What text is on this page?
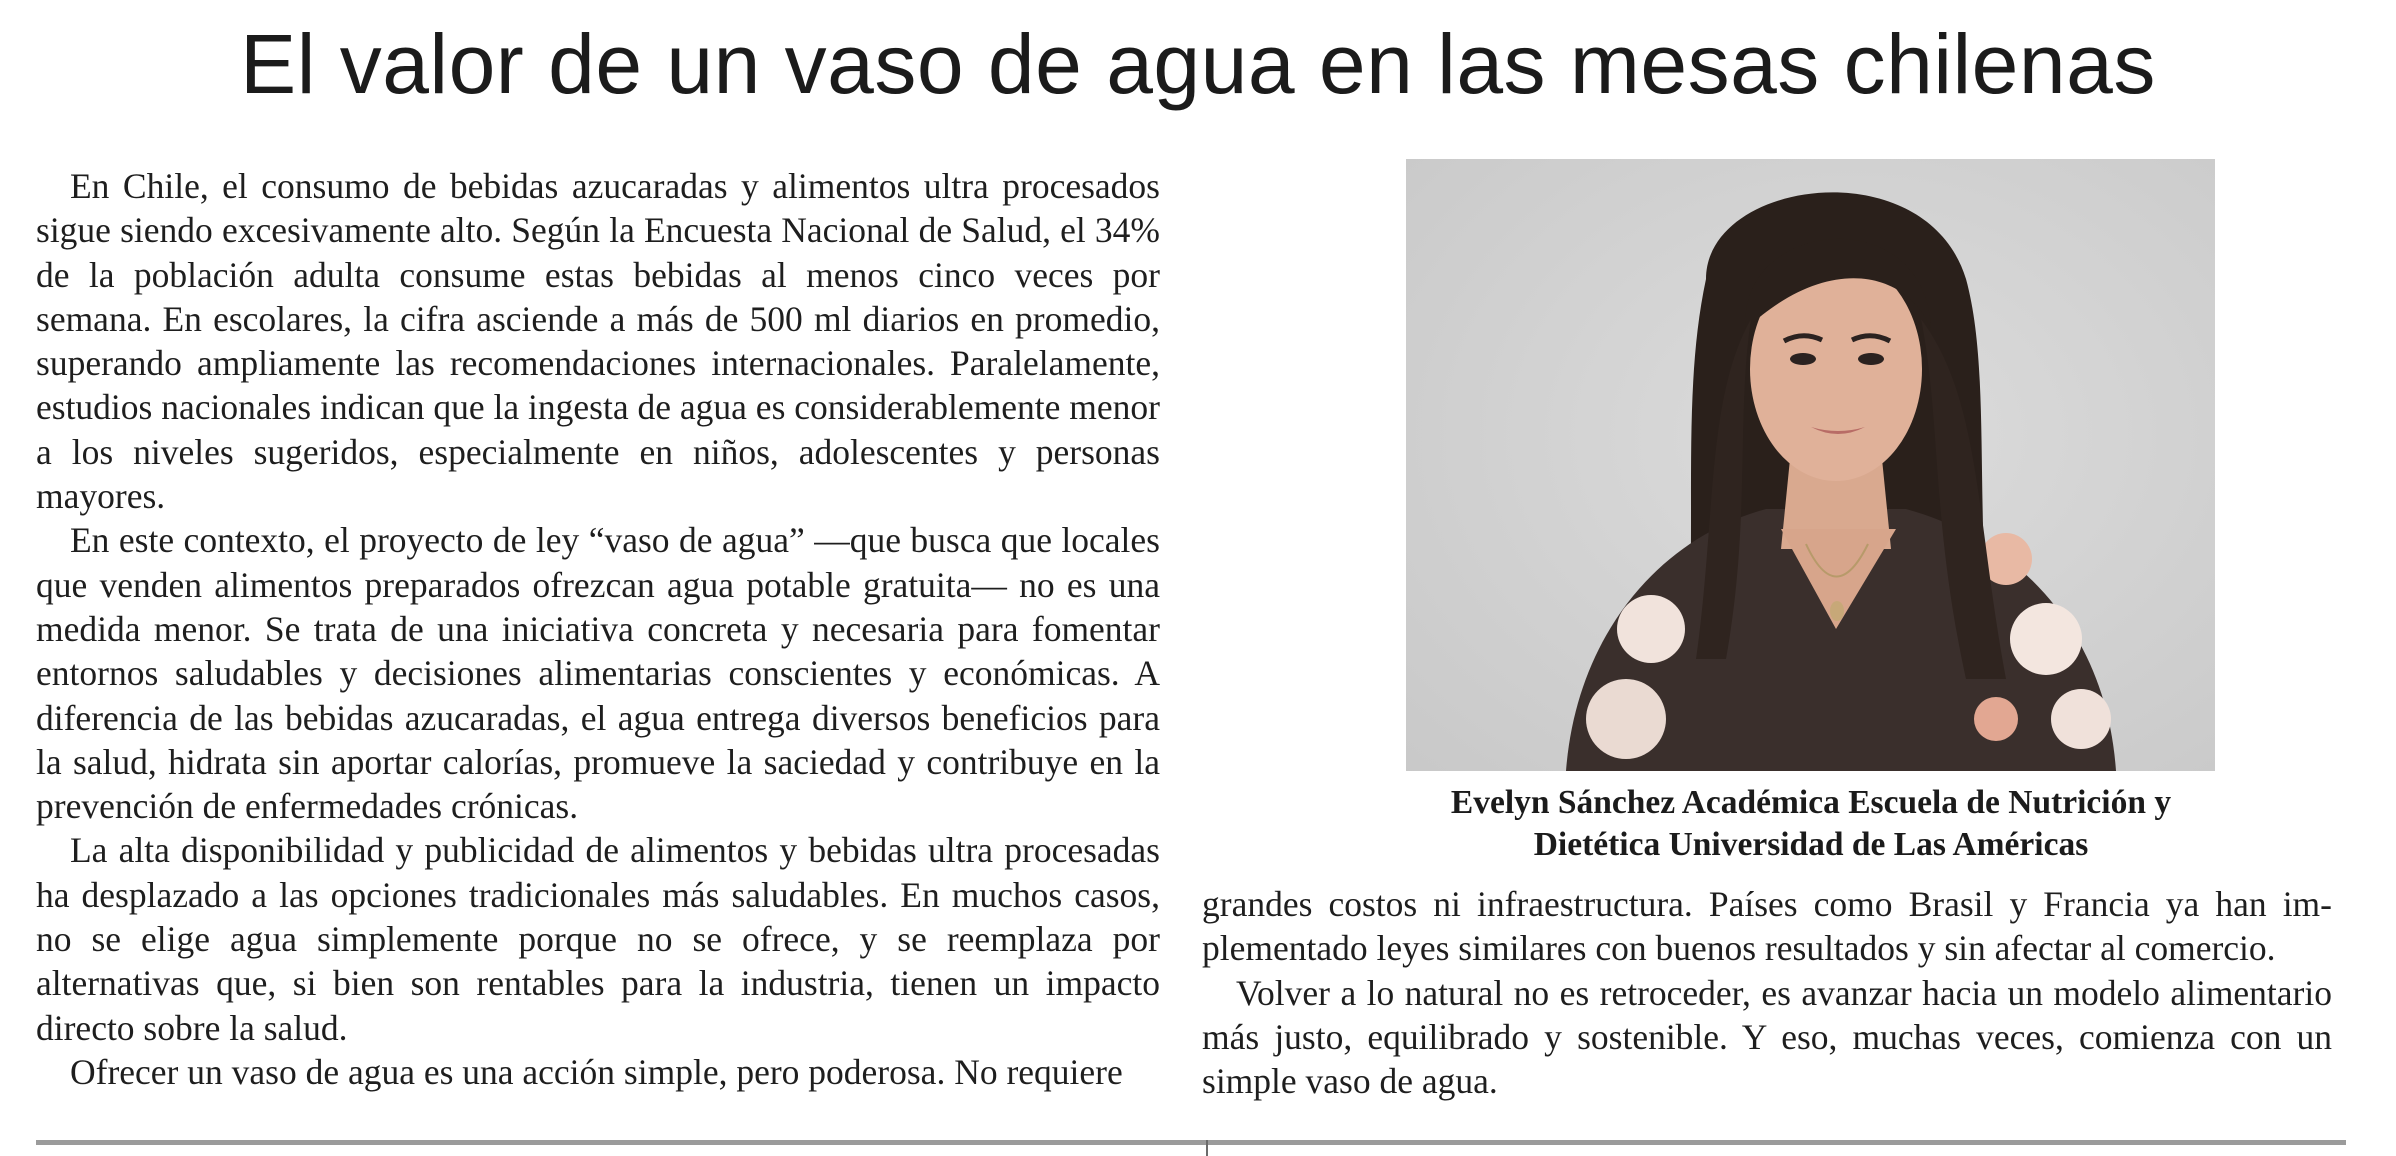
El valor de un vaso de agua en las mesas chilenas

En Chile, el consumo de bebidas azucaradas y alimentos ultra procesados sigue siendo excesivamente alto. Según la Encuesta Nacional de Salud, el 34% de la población adulta consume estas bebidas al menos cinco veces por semana. En escolares, la cifra asciende a más de 500 ml diarios en promedio, superando ampliamente las recomendaciones internacionales. Paralelamente, estudios nacionales indican que la ingesta de agua es considerablemente menor a los niveles sugeridos, especialmente en niños, adolescentes y personas mayores.

En este contexto, el proyecto de ley “vaso de agua” —que busca que locales que venden alimentos preparados ofrezcan agua potable gratuita— no es una medida menor. Se trata de una iniciativa concreta y necesaria para fomentar entornos saludables y decisiones alimentarias conscientes y económicas. A diferencia de las bebidas azucaradas, el agua entrega diversos beneficios para la salud, hidrata sin aportar calorías, promueve la saciedad y contribuye en la prevención de enfermedades crónicas.

La alta disponibilidad y publicidad de alimentos y bebidas ultra procesadas ha desplazado a las opciones tradicionales más saludables. En muchos casos, no se elige agua simplemente porque no se ofrece, y se reemplaza por alternativas que, si bien son rentables para la industria, tienen un impacto directo sobre la salud.

Ofrecer un vaso de agua es una acción simple, pero poderosa. No requiere

Evelyn Sánchez Académica Escuela de Nutrición y
Dietética Universidad de Las Américas

grandes costos ni infraestructura. Países como Brasil y Francia ya han implementado leyes similares con buenos resultados y sin afectar al comercio.

Volver a lo natural no es retroceder, es avanzar hacia un modelo alimentario más justo, equilibrado y sostenible. Y eso, muchas veces, comienza con un simple vaso de agua.
